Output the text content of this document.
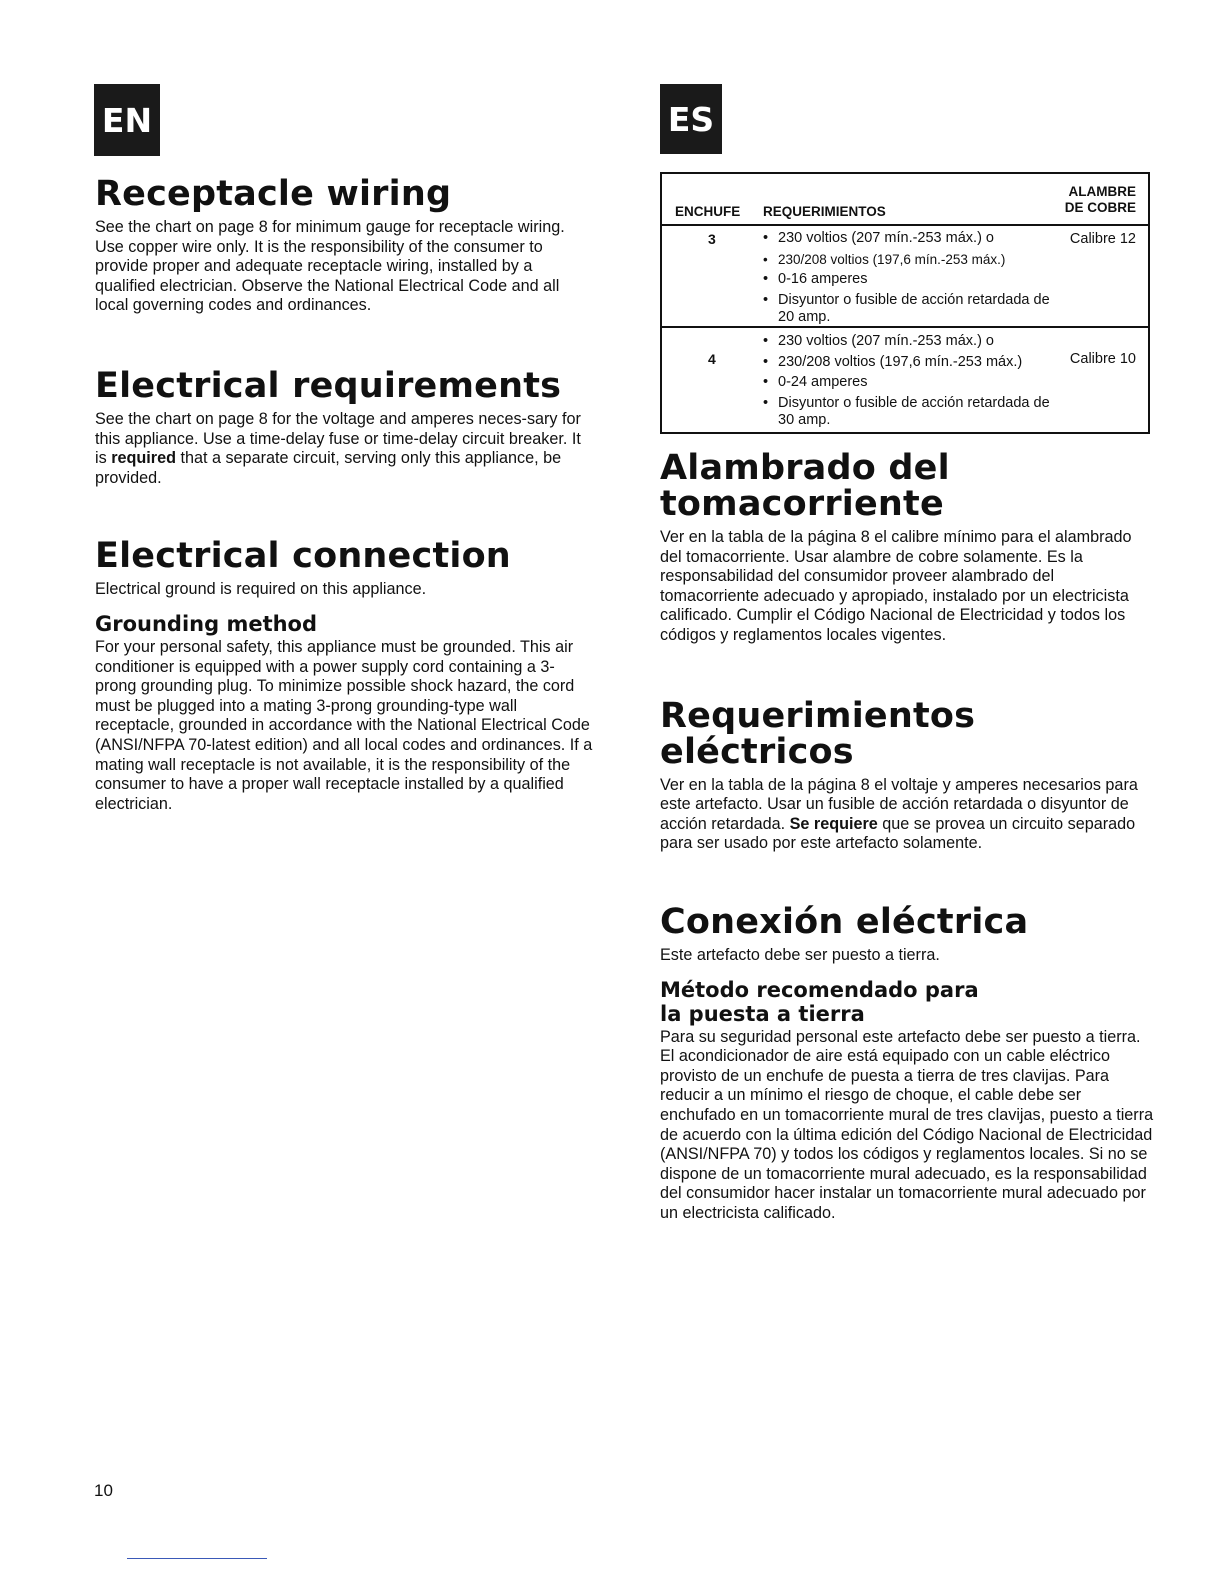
EN	ES
Receptacle wiring

See the chart on page 8 for minimum gauge for receptacle wiring. Use copper wire only. It is the responsibility of the consumer to provide proper and adequate receptacle wiring, installed by a qualified electrician. Observe the National Electrical Code and all local governing codes and ordinances.

Electrical requirements

See the chart on page 8 for the voltage and amperes neces-sary for this appliance. Use a time-delay fuse or time-delay circuit breaker. It is required that a separate circuit, serving only this appliance, be provided.

Electrical connection

Electrical ground is required on this appliance.

Grounding method

For your personal safety, this appliance must be grounded. This air conditioner is equipped with a power supply cord containing a 3-prong grounding plug. To minimize possible shock hazard, the cord must be plugged into a mating 3-prong grounding-type wall receptacle, grounded in accordance with the National Electrical Code (ANSI/NFPA 70-latest edition) and all local codes and ordinances. If a mating wall receptacle is not available, it is the responsibility of the consumer to have a proper wall receptacle installed by a qualified electrician.

ENCHUFE REQUERIMIENTOS
ALAMBRE
DE COBRE
3
•	230 voltios (207 mín.-253 máx.) o
• 230/208 voltios (197,6 mín.-253 máx.)
• 0-16 amperes
• Disyuntor o fusible de acción retardada de 20 amp.
Calibre 12
4
• 230 voltios (207 mín.-253 máx.) o
• 230/208 voltios (197,6 mín.-253 máx.)
• 0-24 amperes
• Disyuntor o fusible de acción retardada de 30 amp.
Calibre 10
Alambrado del tomacorriente

Ver en la tabla de la página 8 el calibre mínimo para el alambrado del tomacorriente. Usar alambre de cobre solamente. Es la responsabilidad del consumidor proveer alambrado del tomacorriente adecuado y apropiado, instalado por un electricista calificado. Cumplir el Código Nacional de Electricidad y todos los códigos y reglamentos locales vigentes.

Requerimientos eléctricos

Ver en la tabla de la página 8 el voltaje y amperes necesarios para este artefacto. Usar un fusible de acción retardada o disyuntor de acción retardada. Se requiere que se provea un circuito separado para ser usado por este artefacto solamente.

Conexión eléctrica

Este artefacto debe ser puesto a tierra.

Método recomendado para
la puesta a tierra

Para su seguridad personal este artefacto debe ser puesto a tierra. El acondicionador de aire está equipado con un cable eléctrico provisto de un enchufe de puesta a tierra de tres clavijas. Para reducir a un mínimo el riesgo de choque, el cable debe ser enchufado en un tomacorriente mural de tres clavijas, puesto a tierra de acuerdo con la última edición del Código Nacional de Electricidad (ANSI/NFPA 70) y todos los códigos y reglamentos locales. Si no se dispone de un tomacorriente mural adecuado, es la responsabilidad del consumidor hacer instalar un tomacorriente mural adecuado por un electricista calificado.

10
